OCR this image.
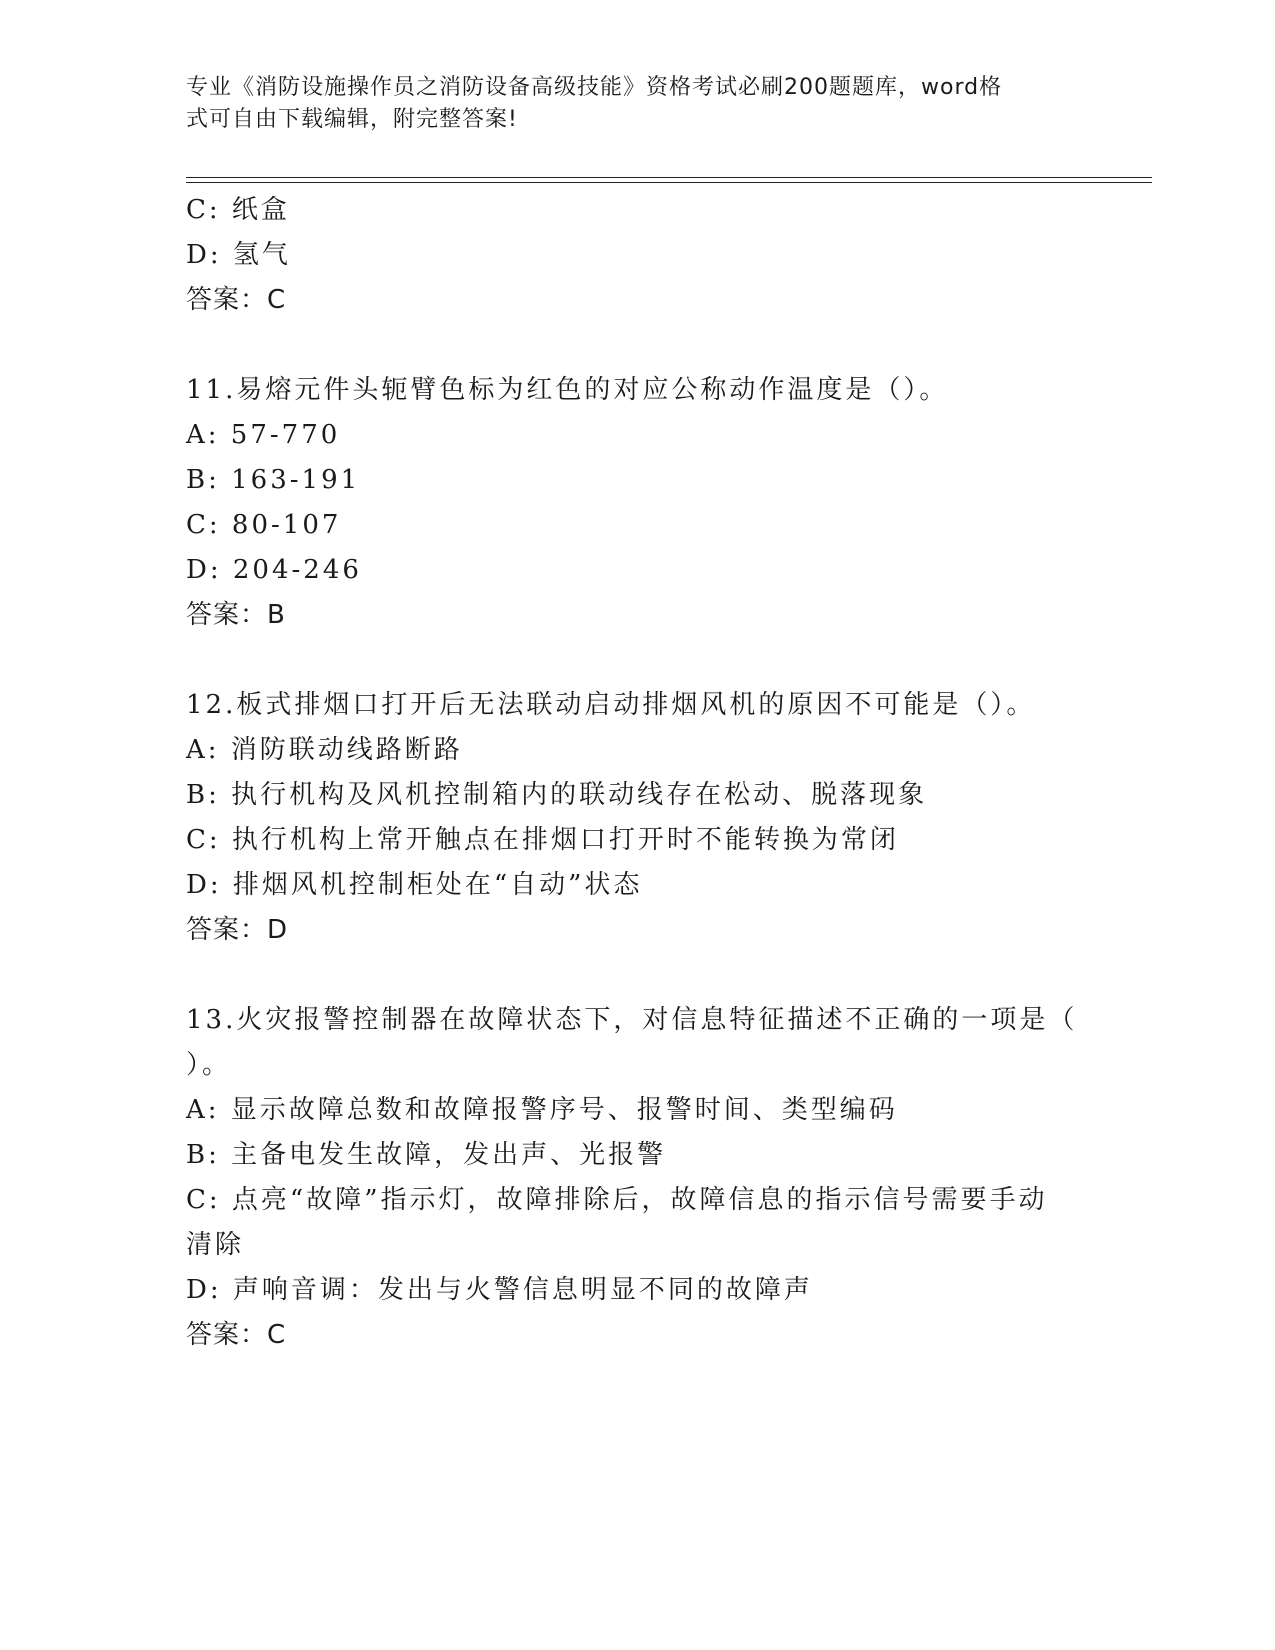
专业《消防设施操作员之消防设备高级技能》资格考试必刷200题题库，word格
式可自由下载编辑，附完整答案!
C: 纸盒
D: 氢气
答案：C
11.易熔元件头轭臂色标为红色的对应公称动作温度是（）。
A: 57-770
B: 163-191
C: 80-107
D: 204-246
答案：B
12.板式排烟口打开后无法联动启动排烟风机的原因不可能是（）。
A: 消防联动线路断路
B: 执行机构及风机控制箱内的联动线存在松动、脱落现象
C: 执行机构上常开触点在排烟口打开时不能转换为常闭
D: 排烟风机控制柜处在“自动”状态
答案：D
13.火灾报警控制器在故障状态下，对信息特征描述不正确的一项是（
）。
A: 显示故障总数和故障报警序号、报警时间、类型编码
B: 主备电发生故障，发出声、光报警
C: 点亮“故障”指示灯，故障排除后，故障信息的指示信号需要手动
清除
D: 声响音调：发出与火警信息明显不同的故障声
答案：C
